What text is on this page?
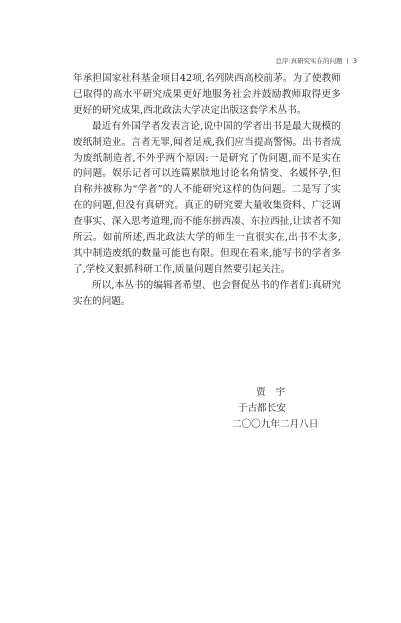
总序:真研究实在的问题 | 3

年承担国家社科基金项目42项,名列陕西高校前茅。为了使教师已取得的高水平研究成果更好地服务社会并鼓励教师取得更多更好的研究成果,西北政法大学决定出版这套学术丛书。

最近有外国学者发表言论,说中国的学者出书是最大规模的废纸制造业。言者无罪,闻者足戒,我们应当提高警惕。出书者成为废纸制造者,不外乎两个原因:一是研究了伪问题,而不是实在的问题。娱乐记者可以连篇累牍地讨论名角情变、名媛怀孕,但自称并被称为“学者”的人不能研究这样的伪问题。二是写了实在的问题,但没有真研究。真正的研究要大量收集资料、广泛调查事实、深入思考道理,而不能东拼西凑、东拉西扯,让读者不知所云。如前所述,西北政法大学的师生一直很实在,出书不太多,其中制造废纸的数量可能也有限。但现在看来,能写书的学者多了,学校又狠抓科研工作,质量问题自然要引起关注。

所以,本丛书的编辑者希望、也会督促丛书的作者们:真研究实在的问题。

贾宇
于古都长安
二〇〇九年二月八日
